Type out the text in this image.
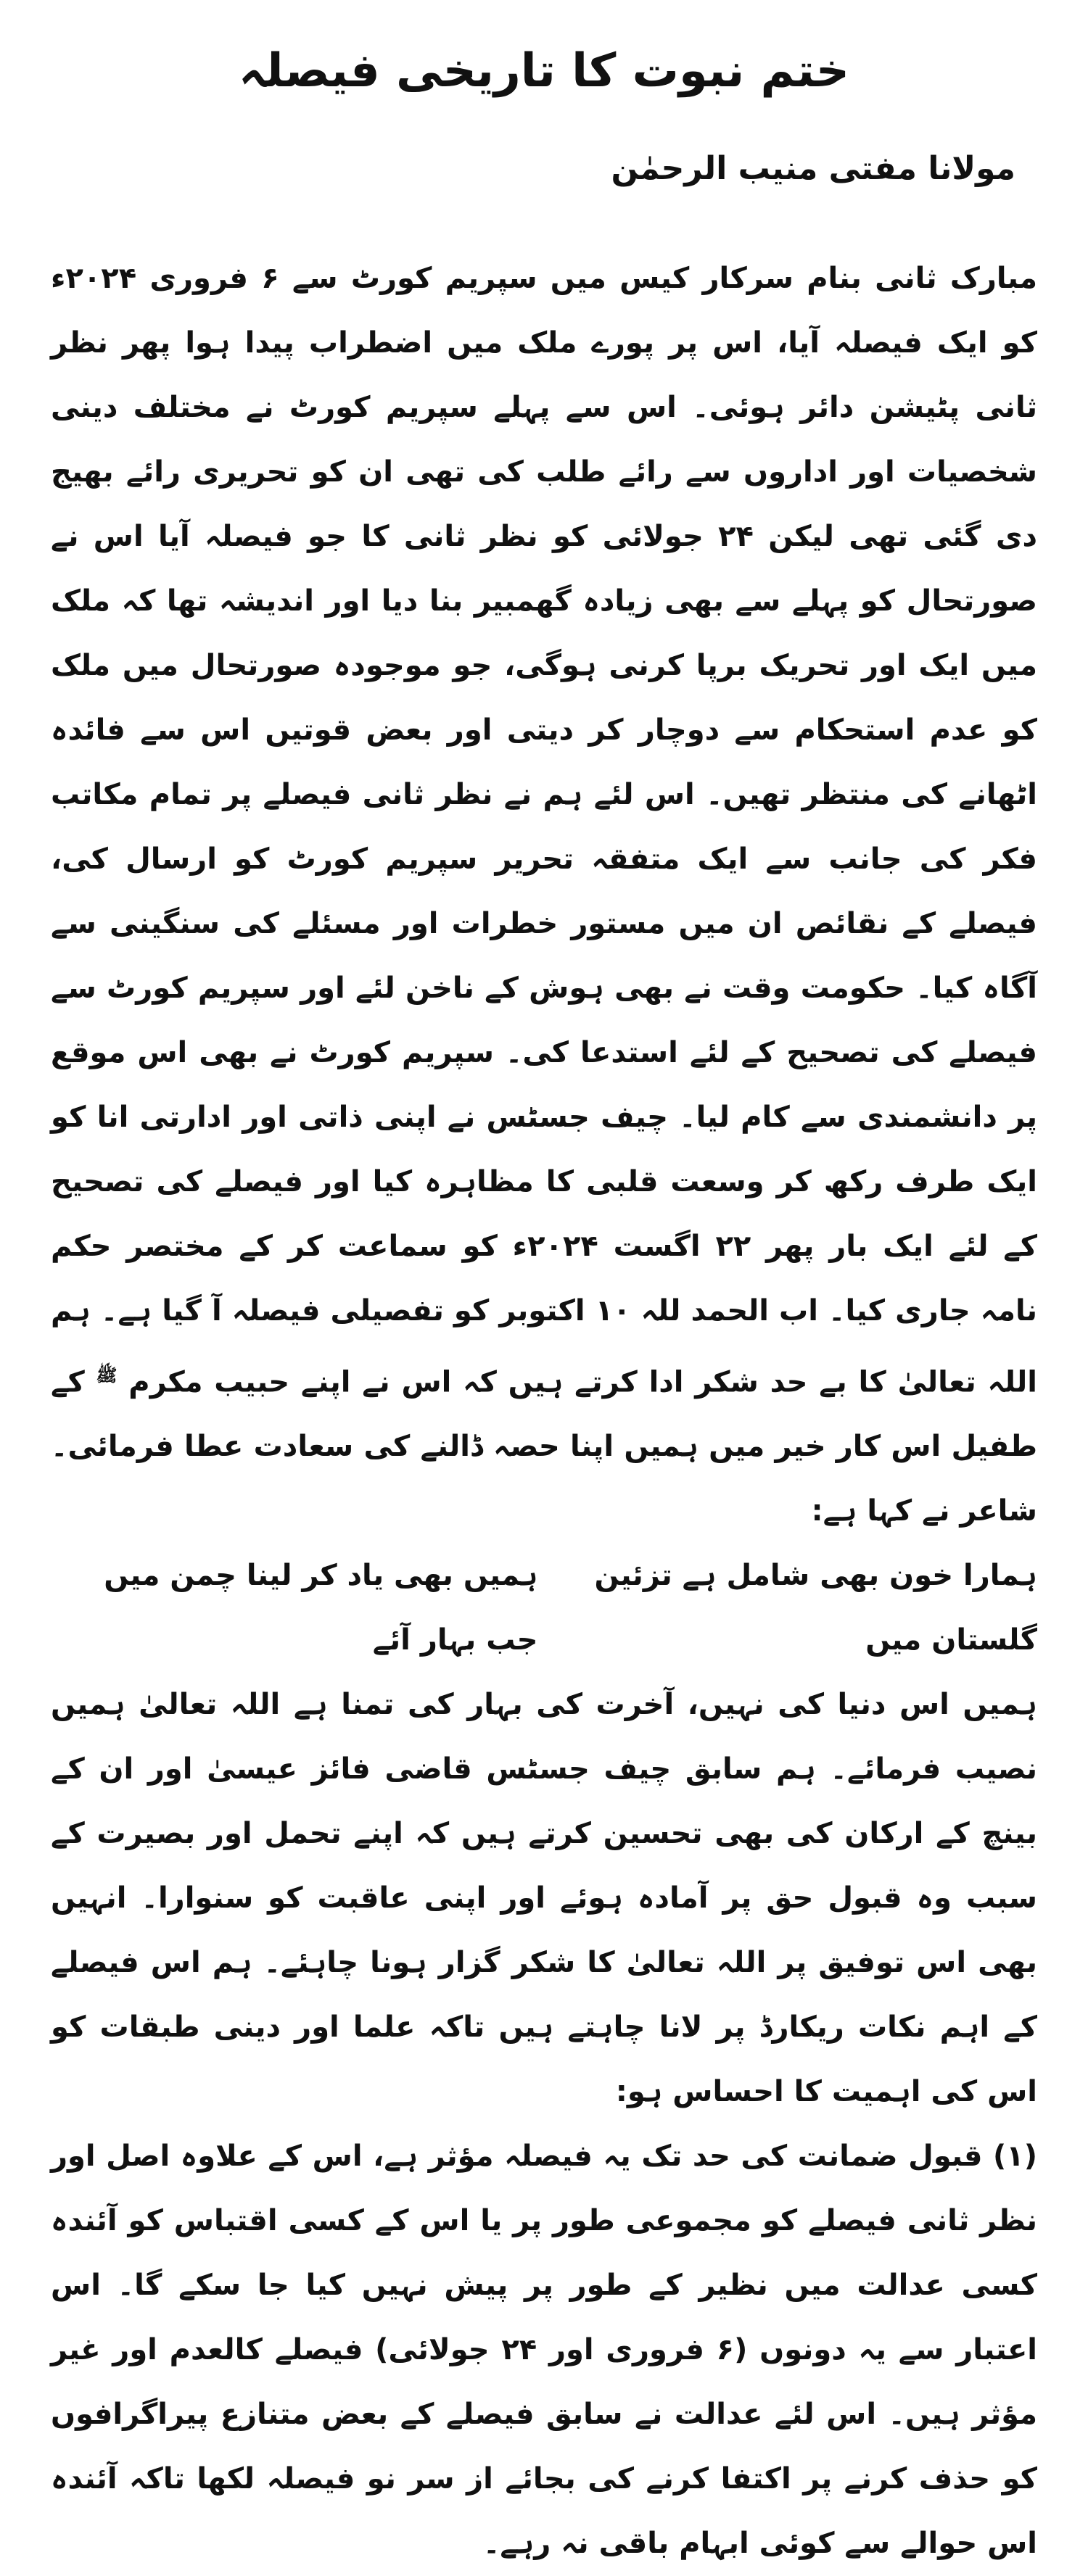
ختم نبوت کا تاریخی فیصلہ
مولانا مفتی منیب الرحمٰن
مبارک ثانی بنام سرکار کیس میں سپریم کورٹ سے ۶ فروری ۲۰۲۴ء کو ایک فیصلہ آیا، اس پر پورے ملک میں اضطراب پیدا ہوا پھر نظر ثانی پٹیشن دائر ہوئی۔ اس سے پہلے سپریم کورٹ نے مختلف دینی شخصیات اور اداروں سے رائے طلب کی تھی ان کو تحریری رائے بھیج دی گئی تھی لیکن ۲۴ جولائی کو نظر ثانی کا جو فیصلہ آیا اس نے صورتحال کو پہلے سے بھی زیادہ گھمبیر بنا دیا اور اندیشہ تھا کہ ملک میں ایک اور تحریک برپا کرنی ہوگی، جو موجودہ صورتحال میں ملک کو عدم استحکام سے دوچار کر دیتی اور بعض قوتیں اس سے فائدہ اٹھانے کی منتظر تھیں۔ اس لئے ہم نے نظر ثانی فیصلے پر تمام مکاتب فکر کی جانب سے ایک متفقہ تحریر سپریم کورٹ کو ارسال کی، فیصلے کے نقائص ان میں مستور خطرات اور مسئلے کی سنگینی سے آگاہ کیا۔ حکومت وقت نے بھی ہوش کے ناخن لئے اور سپریم کورٹ سے فیصلے کی تصحیح کے لئے استدعا کی۔ سپریم کورٹ نے بھی اس موقع پر دانشمندی سے کام لیا۔ چیف جسٹس نے اپنی ذاتی اور ادارتی انا کو ایک طرف رکھ کر وسعت قلبی کا مظاہرہ کیا اور فیصلے کی تصحیح کے لئے ایک بار پھر ۲۲ اگست ۲۰۲۴ء کو سماعت کر کے مختصر حکم نامہ جاری کیا۔ اب الحمد للہ ۱۰ اکتوبر کو تفصیلی فیصلہ آ گیا ہے۔ ہم اللہ تعالیٰ کا بے حد شکر ادا کرتے ہیں کہ اس نے اپنے حبیب مکرم $^ﷺ$ کے طفیل اس کار خیر میں ہمیں اپنا حصہ ڈالنے کی سعادت عطا فرمائی۔ شاعر نے کہا ہے:
ہمارا خون بھی شامل ہے تزئین گلستان میں
ہمیں بھی یاد کر لینا چمن میں جب بہار آئے
ہمیں اس دنیا کی نہیں، آخرت کی بہار کی تمنا ہے اللہ تعالیٰ ہمیں نصیب فرمائے۔ ہم سابق چیف جسٹس قاضی فائز عیسیٰ اور ان کے بینچ کے ارکان کی بھی تحسین کرتے ہیں کہ اپنے تحمل اور بصیرت کے سبب وہ قبول حق پر آمادہ ہوئے اور اپنی عاقبت کو سنوارا۔ انہیں بھی اس توفیق پر اللہ تعالیٰ کا شکر گزار ہونا چاہئے۔ ہم اس فیصلے کے اہم نکات ریکارڈ پر لانا چاہتے ہیں تاکہ علما اور دینی طبقات کو اس کی اہمیت کا احساس ہو:
(۱) قبول ضمانت کی حد تک یہ فیصلہ مؤثر ہے، اس کے علاوہ اصل اور نظر ثانی فیصلے کو مجموعی طور پر یا اس کے کسی اقتباس کو آئندہ کسی عدالت میں نظیر کے طور پر پیش نہیں کیا جا سکے گا۔ اس اعتبار سے یہ دونوں (۶ فروری اور ۲۴ جولائی) فیصلے کالعدم اور غیر مؤثر ہیں۔ اس لئے عدالت نے سابق فیصلے کے بعض متنازع پیراگرافوں کو حذف کرنے پر اکتفا کرنے کی بجائے از سر نو فیصلہ لکھا تاکہ آئندہ اس حوالے سے کوئی ابہام باقی نہ رہے۔
